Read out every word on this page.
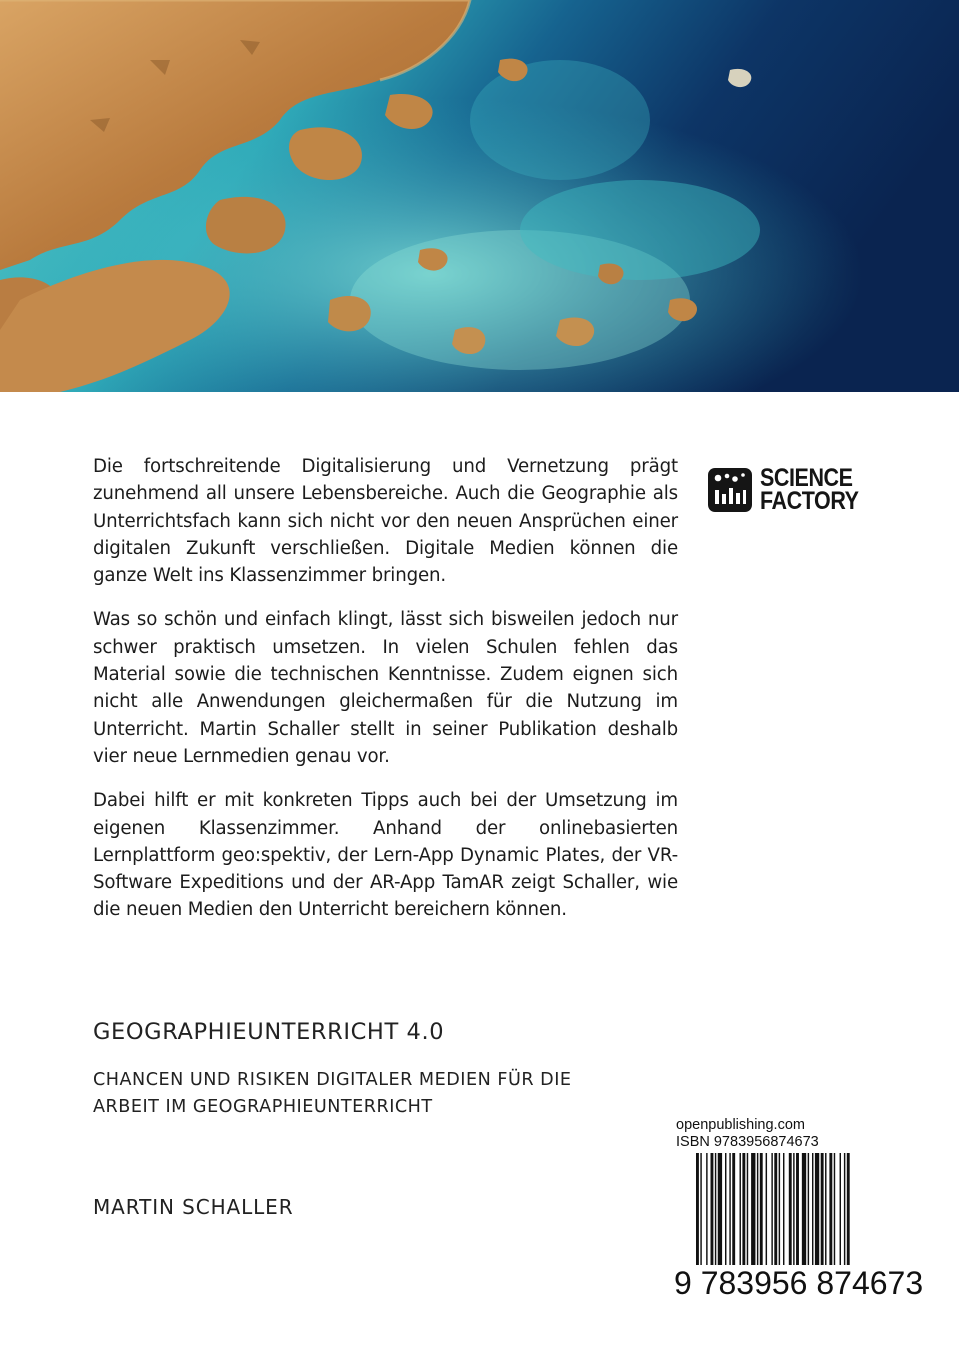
Die fortschreitende Digitalisierung und Vernetzung prägt zunehmend all unsere Lebensbereiche. Auch die Geographie als Unterrichtsfach kann sich nicht vor den neuen Ansprüchen einer digitalen Zukunft verschließen. Digitale Medien können die ganze Welt ins Klassenzimmer bringen.

Was so schön und einfach klingt, lässt sich bisweilen jedoch nur schwer praktisch umsetzen. In vielen Schulen fehlen das Material sowie die technischen Kenntnisse. Zudem eignen sich nicht alle Anwendungen gleichermaßen für die Nutzung im Unterricht. Martin Schaller stellt in seiner Publikation deshalb vier neue Lernmedien genau vor.

Dabei hilft er mit konkreten Tipps auch bei der Umsetzung im eigenen Klassenzimmer. Anhand der onlinebasierten Lernplattform geo:spektiv, der Lern-App Dynamic Plates, der VR-Software Expeditions und der AR-App TamAR zeigt Schaller, wie die neuen Medien den Unterricht bereichern können.

SCIENCE
FACTORY
GEOGRAPHIEUNTERRICHT 4.0
CHANCEN UND RISIKEN DIGITALER MEDIEN FÜR DIE
ARBEIT IM GEOGRAPHIEUNTERRICHT
MARTIN SCHALLER
openpublishing.com
ISBN 9783956874673
9 783956 874673
